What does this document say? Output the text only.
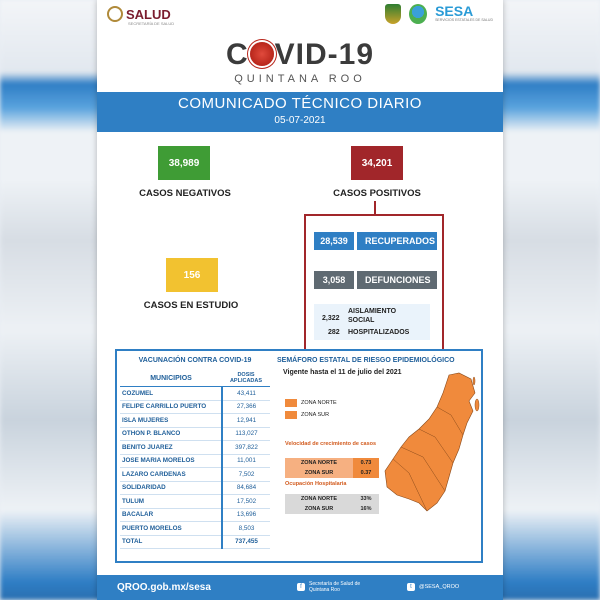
SALUD
SECRETARÍA DE SALUD
SESA
SERVICIOS ESTATALES DE SALUD
C VID-19
QUINTANA ROO
COMUNICADO TÉCNICO DIARIO
05-07-2021
38,989
CASOS NEGATIVOS
34,201
CASOS POSITIVOS
28,539	RECUPERADOS
3,058	DEFUNCIONES
2,322
AISLAMIENTO
SOCIAL
282 HOSPITALIZADOS
156
CASOS EN ESTUDIO
VACUNACIÓN CONTRA COVID-19
MUNICIPIOS	DOSIS APLICADAS
COZUMEL	43,411
FELIPE CARRILLO PUERTO	27,366
ISLA MUJERES	12,941
OTHON P. BLANCO	113,027
BENITO JUAREZ	397,822
JOSE MARIA MORELOS	11,001
LAZARO CARDENAS	7,502
SOLIDARIDAD	84,684
TULUM	17,502
BACALAR	13,696
PUERTO MORELOS	8,503
TOTAL	737,455
SEMÁFORO ESTATAL DE RIESGO EPIDEMIOLÓGICO
Vigente hasta el 11 de julio del 2021
ZONA NORTE
ZONA SUR
Velocidad de crecimiento de casos
ZONA NORTE	0.73
ZONA SUR	0.37
Ocupación Hospitalaria
ZONA NORTE	33%
ZONA SUR	16%
QROO.gob.mx/sesa	f	Secretaría de Salud de Quintana Roo	t	@SESA_QROO
